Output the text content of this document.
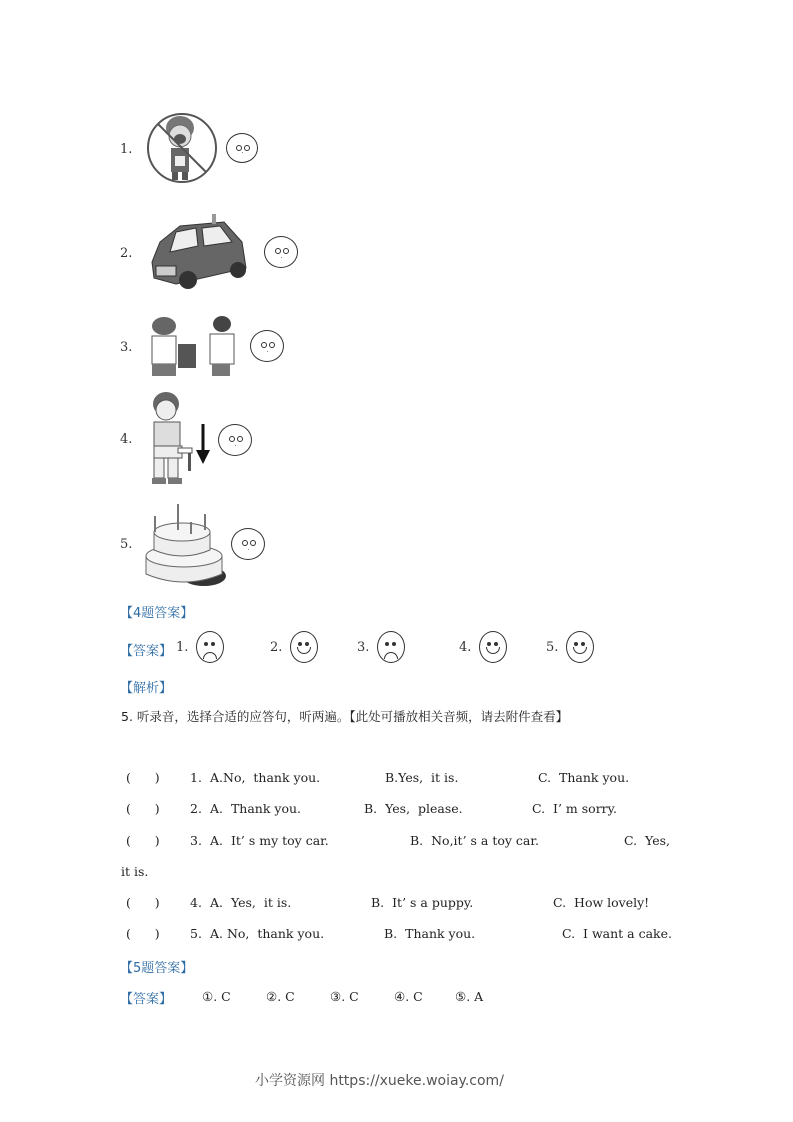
1.
2.
3.
4.
5.
【4题答案】
【答案】 1.	2.	3.	4.	5.
【解析】
5. 听录音，选择合适的应答句，听两遍。【此处可播放相关音频，请去附件查看】
(      ) 1. A.No,  thank you.	B.Yes,  it is.	C.  Thank you.
(      ) 2. A.  Thank you.	B.  Yes,  please.	C.  I’ m sorry.
(      ) 3. A.  It’ s my toy car.	B.  No,it’ s a toy car.	C.  Yes,
it is.
(      ) 4. A.  Yes,  it is.	B.  It’ s a puppy.	C.  How lovely!
(      ) 5. A. No,  thank you.	B.  Thank you.	C.  I want a cake.
【5题答案】
【答案】 ①. C	②. C	③. C	④. C	⑤. A
小学资源网 https://xueke.woiay.com/
